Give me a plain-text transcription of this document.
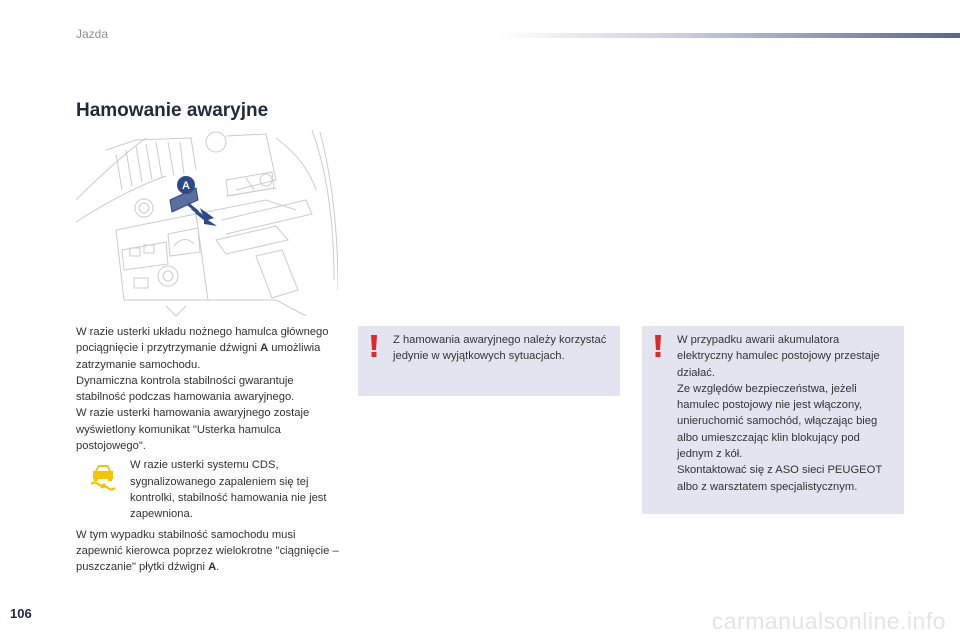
Jazda
Hamowanie awaryjne
A

W razie usterki układu nożnego hamulca głównego pociągnięcie i przytrzymanie dźwigni A umożliwia zatrzymanie samochodu.

Dynamiczna kontrola stabilności gwarantuje stabilność podczas hamowania awaryjnego.

W razie usterki hamowania awaryjnego zostaje wyświetlony komunikat "Usterka hamulca postojowego".

W razie usterki systemu CDS, sygnalizowanego zapaleniem się tej kontrolki, stabilność hamowania nie jest zapewniona.

W tym wypadku stabilność samochodu musi zapewnić kierowca poprzez wielokrotne "ciągnięcie – puszczanie" płytki dźwigni A.

Z hamowania awaryjnego należy korzystać jedynie w wyjątkowych sytuacjach.
W przypadku awarii akumulatora elektryczny hamulec postojowy przestaje działać.
Ze względów bezpieczeństwa, jeżeli hamulec postojowy nie jest włączony, unieruchomić samochód, włączając bieg albo umieszczając klin blokujący pod jednym z kół.
Skontaktować się z ASO sieci PEUGEOT albo z warsztatem specjalistycznym.
106	carmanualsonline.info
